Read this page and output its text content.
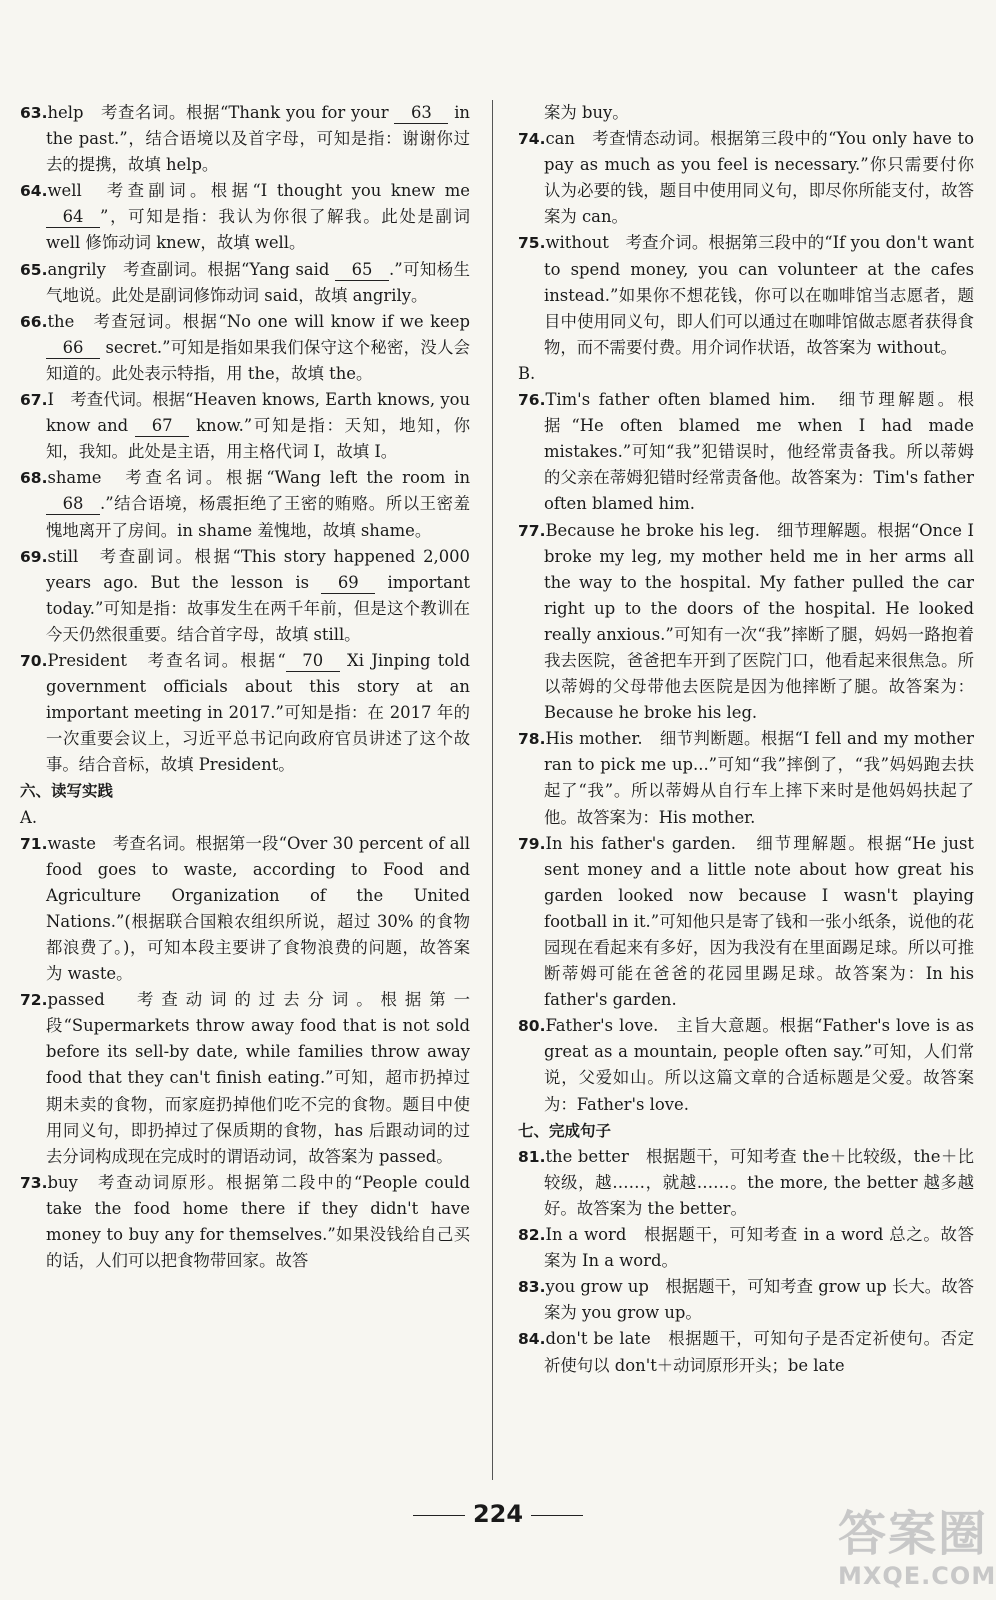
63.help　考查名词。根据“Thank you for your 63 in the past.”，结合语境以及首字母，可知是指：谢谢你过去的提携，故填 help。

64.well　考查副词。根据“I thought you knew me 64 ”，可知是指：我认为你很了解我。此处是副词 well 修饰动词 knew，故填 well。

65.angrily　考查副词。根据“Yang said 65 .”可知杨生气地说。此处是副词修饰动词 said，故填 angrily。

66.the　考查冠词。根据“No one will know if we keep 66 secret.”可知是指如果我们保守这个秘密，没人会知道的。此处表示特指，用 the，故填 the。

67.I　考查代词。根据“Heaven knows, Earth knows, you know and 67 know.”可知是指：天知，地知，你知，我知。此处是主语，用主格代词 I，故填 I。

68.shame　考查名词。根据“Wang left the room in 68 .”结合语境，杨震拒绝了王密的贿赂。所以王密羞愧地离开了房间。in shame 羞愧地，故填 shame。

69.still　考查副词。根据“This story happened 2,000 years ago. But the lesson is 69 important today.”可知是指：故事发生在两千年前，但是这个教训在今天仍然很重要。结合首字母，故填 still。

70.President　考查名词。根据“ 70 Xi Jinping told government officials about this story at an important meeting in 2017.”可知是指：在 2017 年的一次重要会议上，习近平总书记向政府官员讲述了这个故事。结合音标，故填 President。

六、读写实践

A.

71.waste　考查名词。根据第一段“Over 30 percent of all food goes to waste, according to Food and Agriculture Organization of the United Nations.”(根据联合国粮农组织所说，超过 30% 的食物都浪费了。)，可知本段主要讲了食物浪费的问题，故答案为 waste。

72.passed　考查动词的过去分词。根据第一段“Supermarkets throw away food that is not sold before its sell-by date, while families throw away food that they can't finish eating.”可知，超市扔掉过期未卖的食物，而家庭扔掉他们吃不完的食物。题目中使用同义句，即扔掉过了保质期的食物，has 后跟动词的过去分词构成现在完成时的谓语动词，故答案为 passed。

73.buy　考查动词原形。根据第二段中的“People could take the food home there if they didn't have money to buy any for themselves.”如果没钱给自己买的话，人们可以把食物带回家。故答

案为 buy。

74.can　考查情态动词。根据第三段中的“You only have to pay as much as you feel is necessary.”你只需要付你认为必要的钱，题目中使用同义句，即尽你所能支付，故答案为 can。

75.without　考查介词。根据第三段中的“If you don't want to spend money, you can volunteer at the cafes instead.”如果你不想花钱，你可以在咖啡馆当志愿者，题目中使用同义句，即人们可以通过在咖啡馆做志愿者获得食物，而不需要付费。用介词作状语，故答案为 without。

B.

76.Tim's father often blamed him.　细节理解题。根据“He often blamed me when I had made mistakes.”可知“我”犯错误时，他经常责备我。所以蒂姆的父亲在蒂姆犯错时经常责备他。故答案为：Tim's father often blamed him.

77.Because he broke his leg.　细节理解题。根据“Once I broke my leg, my mother held me in her arms all the way to the hospital. My father pulled the car right up to the doors of the hospital. He looked really anxious.”可知有一次“我”摔断了腿，妈妈一路抱着我去医院，爸爸把车开到了医院门口，他看起来很焦急。所以蒂姆的父母带他去医院是因为他摔断了腿。故答案为：Because he broke his leg.

78.His mother.　细节判断题。根据“I fell and my mother ran to pick me up...”可知“我”摔倒了，“我”妈妈跑去扶起了“我”。所以蒂姆从自行车上摔下来时是他妈妈扶起了他。故答案为：His mother.

79.In his father's garden.　细节理解题。根据“He just sent money and a little note about how great his garden looked now because I wasn't playing football in it.”可知他只是寄了钱和一张小纸条，说他的花园现在看起来有多好，因为我没有在里面踢足球。所以可推断蒂姆可能在爸爸的花园里踢足球。故答案为：In his father's garden.

80.Father's love.　主旨大意题。根据“Father's love is as great as a mountain, people often say.”可知，人们常说，父爱如山。所以这篇文章的合适标题是父爱。故答案为：Father's love.

七、完成句子

81.the better　根据题干，可知考查 the＋比较级，the＋比较级，越……，就越……。the more, the better 越多越好。故答案为 the better。

82.In a word　根据题干，可知考查 in a word 总之。故答案为 In a word。

83.you grow up　根据题干，可知考查 grow up 长大。故答案为 you grow up。

84.don't be late　根据题干，可知句子是否定祈使句。否定祈使句以 don't＋动词原形开头；be late

224	答案圈
MXQE.COM
